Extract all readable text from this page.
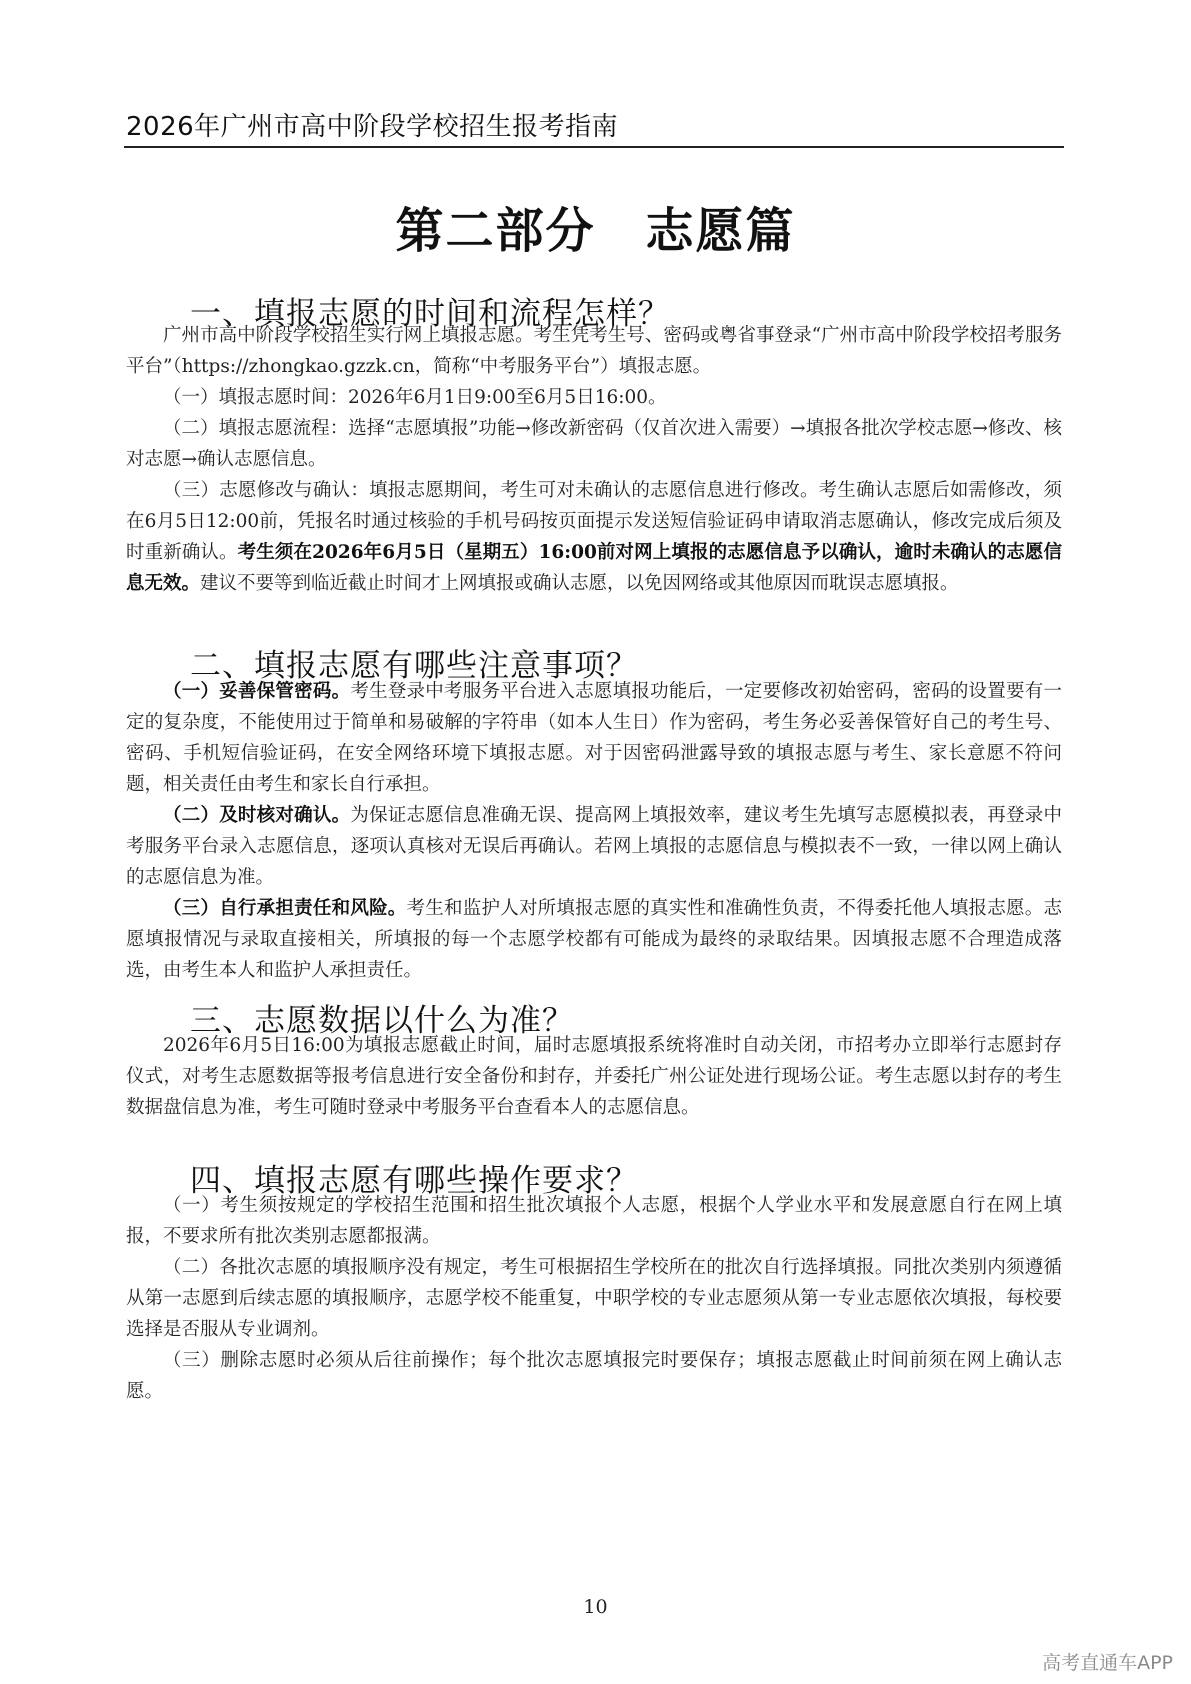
2026年广州市高中阶段学校招生报考指南
第二部分　志愿篇
一、填报志愿的时间和流程怎样？

广州市高中阶段学校招生实行网上填报志愿。考生凭考生号、密码或粤省事登录“广州市高中阶段学校招考服务平台”（https://zhongkao.gzzk.cn，简称“中考服务平台”）填报志愿。

（一）填报志愿时间：2026年6月1日9:00至6月5日16:00。

（二）填报志愿流程：选择“志愿填报”功能→修改新密码（仅首次进入需要）→填报各批次学校志愿→修改、核对志愿→确认志愿信息。

（三）志愿修改与确认：填报志愿期间，考生可对未确认的志愿信息进行修改。考生确认志愿后如需修改，须在6月5日12:00前，凭报名时通过核验的手机号码按页面提示发送短信验证码申请取消志愿确认，修改完成后须及时重新确认。考生须在2026年6月5日（星期五）16:00前对网上填报的志愿信息予以确认，逾时未确认的志愿信息无效。建议不要等到临近截止时间才上网填报或确认志愿，以免因网络或其他原因而耽误志愿填报。

二、填报志愿有哪些注意事项？

（一）妥善保管密码。考生登录中考服务平台进入志愿填报功能后，一定要修改初始密码，密码的设置要有一定的复杂度，不能使用过于简单和易破解的字符串（如本人生日）作为密码，考生务必妥善保管好自己的考生号、密码、手机短信验证码，在安全网络环境下填报志愿。对于因密码泄露导致的填报志愿与考生、家长意愿不符问题，相关责任由考生和家长自行承担。

（二）及时核对确认。为保证志愿信息准确无误、提高网上填报效率，建议考生先填写志愿模拟表，再登录中考服务平台录入志愿信息，逐项认真核对无误后再确认。若网上填报的志愿信息与模拟表不一致，一律以网上确认的志愿信息为准。

（三）自行承担责任和风险。考生和监护人对所填报志愿的真实性和准确性负责，不得委托他人填报志愿。志愿填报情况与录取直接相关，所填报的每一个志愿学校都有可能成为最终的录取结果。因填报志愿不合理造成落选，由考生本人和监护人承担责任。

三、志愿数据以什么为准？

2026年6月5日16:00为填报志愿截止时间，届时志愿填报系统将准时自动关闭，市招考办立即举行志愿封存仪式，对考生志愿数据等报考信息进行安全备份和封存，并委托广州公证处进行现场公证。考生志愿以封存的考生数据盘信息为准，考生可随时登录中考服务平台查看本人的志愿信息。

四、填报志愿有哪些操作要求？

（一）考生须按规定的学校招生范围和招生批次填报个人志愿，根据个人学业水平和发展意愿自行在网上填报，不要求所有批次类别志愿都报满。

（二）各批次志愿的填报顺序没有规定，考生可根据招生学校所在的批次自行选择填报。同批次类别内须遵循从第一志愿到后续志愿的填报顺序，志愿学校不能重复，中职学校的专业志愿须从第一专业志愿依次填报，每校要选择是否服从专业调剂。

（三）删除志愿时必须从后往前操作；每个批次志愿填报完时要保存；填报志愿截止时间前须在网上确认志愿。

10
高考直通车APP
